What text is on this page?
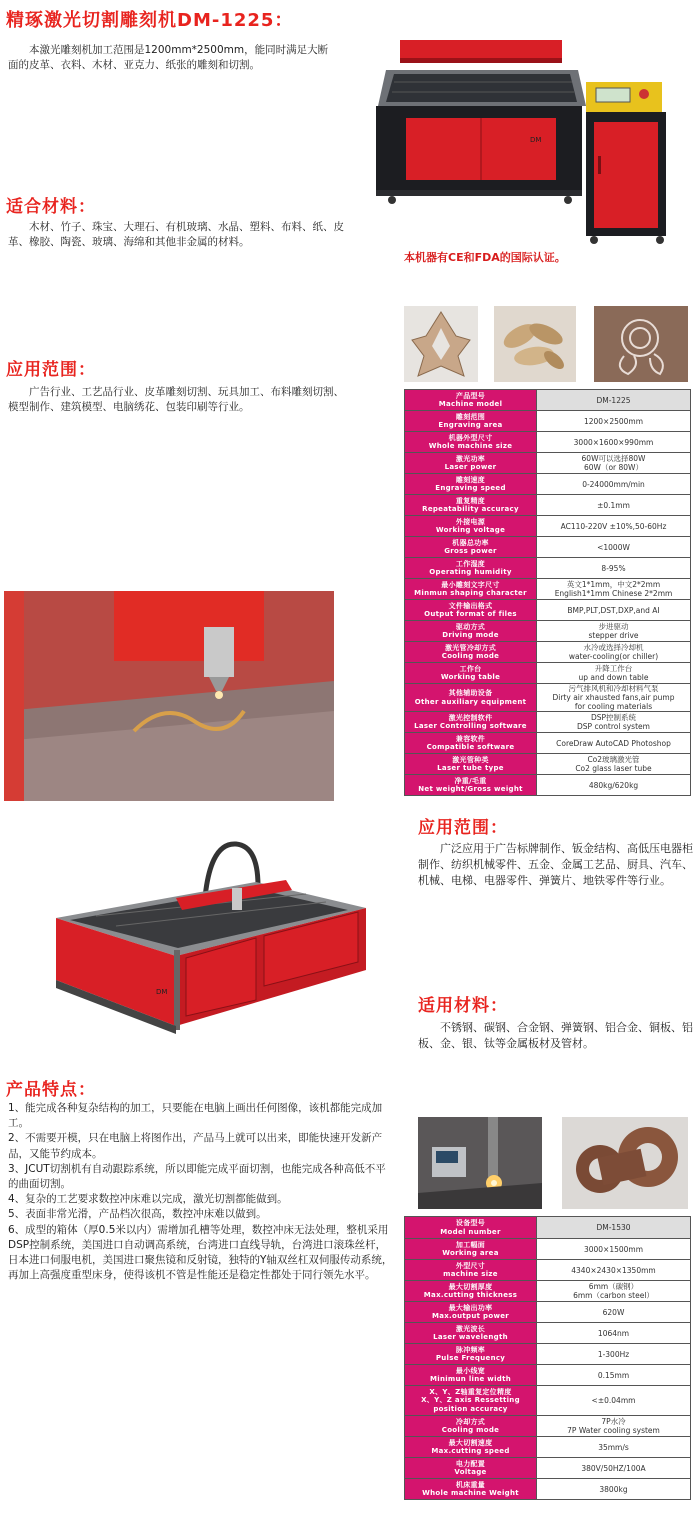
精琢激光切割雕刻机DM-1225：
本激光雕刻机加工范围是1200mm*2500mm，能同时满足大断面的皮革、衣料、木材、亚克力、纸张的雕刻和切割。
DM
适合材料：
木材、竹子、珠宝、大理石、有机玻璃、水晶、塑料、布料、纸、皮革、橡胶、陶瓷、玻璃、海绵和其他非金属的材料。
本机器有CE和FDA的国际认证。
应用范围：
广告行业、工艺品行业、皮革雕刻切割、玩具加工、布料雕刻切割、模型制作、建筑模型、电脑绣花、包装印刷等行业。
产品型号
Machine model	DM-1225

雕刻范围
Engraving area	1200×2500mm

机器外型尺寸
Whole machine size	3000×1600×990mm

激光功率
Laser power	60W可以选择80W
60W（or 80W）

雕刻速度
Engraving speed	0-24000mm/min

重复精度
Repeatability accuracy	±0.1mm

外接电源
Working voltage	AC110-220V ±10%,50-60Hz

机器总功率
Gross power	<1000W

工作湿度
Operating humidity	8-95%

最小雕刻文字尺寸
Minmun shaping character	英文1*1mm，中文2*2mm
English1*1mm Chinese 2*2mm

文件输出格式
Output format of files	BMP,PLT,DST,DXP,and AI

驱动方式
Driving mode	步进驱动
stepper drive

激光管冷却方式
Cooling mode	水冷或选择冷却机
water-cooling(or chiller)

工作台
Working table	升降工作台
up and down table

其他辅助设备
Other auxiliary equipment	污气排风机和冷却材料气泵
Dirty air xhausted fans,air pump
for cooling materials

激光控制软件
Laser Controlling software	DSP控制系统
DSP control system

兼容软件
Compatible software	CoreDraw AutoCAD Photoshop

激光管种类
Laser tube type	Co2玻璃激光管
Co2 glass laser tube

净重/毛重
Net weight/Gross weight	480kg/620kg
应用范围：
广泛应用于广告标牌制作、钣金结构、高低压电器柜制作、纺织机械零件、五金、金属工艺品、厨具、汽车、机械、电梯、电器零件、弹簧片、地铁零件等行业。
DM
适用材料：
不锈钢、碳钢、合金钢、弹簧钢、铝合金、铜板、铝板、金、银、钛等金属板材及管材。
产品特点：
1、能完成各种复杂结构的加工，只要能在电脑上画出任何图像，该机都能完成加工。
2、不需要开模，只在电脑上将图作出，产品马上就可以出来，即能快速开发新产品，又能节约成本。
3、JCUT切割机有自动跟踪系统，所以即能完成平面切割，也能完成各种高低不平的曲面切割。
4、复杂的工艺要求数控冲床难以完成，激光切割都能做到。
5、表面非常光滑，产品档次很高，数控冲床难以做到。
6、成型的箱体（厚0.5米以内）需增加孔槽等处理，数控冲床无法处理，整机采用DSP控制系统，美国进口自动调高系统，台湾进口直线导轨，台湾进口滚珠丝杆，日本进口伺服电机，美国进口聚焦镜和反射镜，独特的Y轴双丝杠双伺服传动系统，再加上高强度重型床身，使得该机不管是性能还是稳定性都处于同行领先水平。
设备型号
Model number	DM-1530

加工幅面
Working area	3000×1500mm

外型尺寸
machine size	4340×2430×1350mm

最大切割厚度
Max.cutting thickness	6mm（碳钢）
6mm（carbon steel）

最大输出功率
Max.output power	620W

激光波长
Laser wavelength	1064nm

脉冲频率
Pulse Frequency	1-300Hz

最小线宽
Minimun line width	0.15mm

X、Y、Z轴重复定位精度
X、Y、Z axis Ressetting
position accuracy	<±0.04mm

冷却方式
Cooling mode	7P水冷
7P Water cooling system

最大切割速度
Max.cutting speed	35mm/s

电力配置
Voltage	380V/50HZ/100A

机床重量
Whole machine Weight	3800kg
